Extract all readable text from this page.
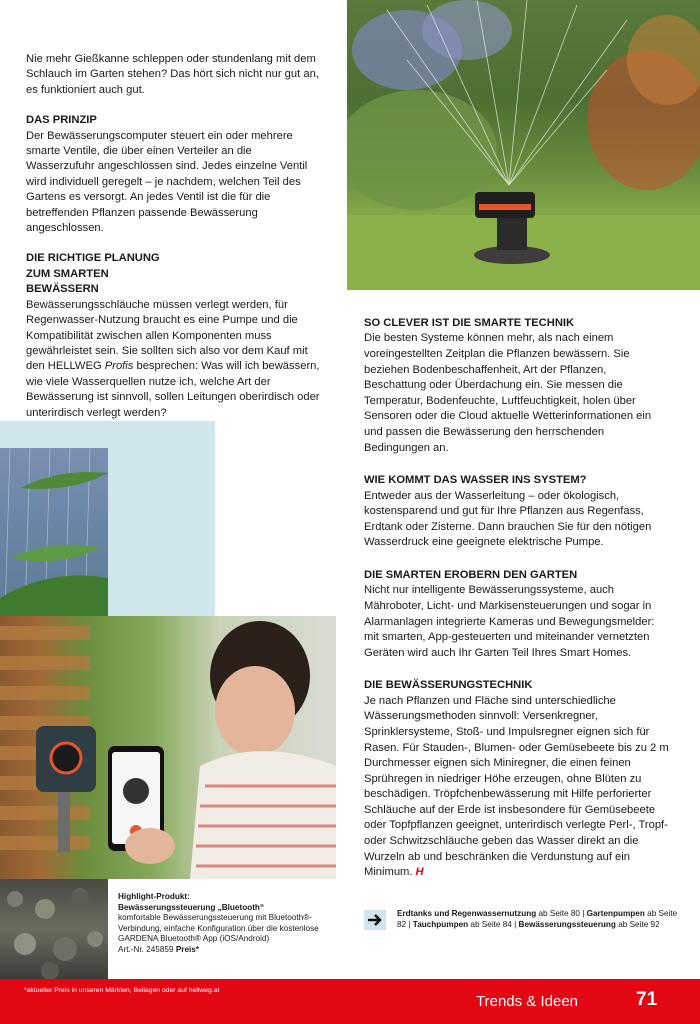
Nie mehr Gießkanne schleppen oder stundenlang mit dem Schlauch im Garten stehen? Das hört sich nicht nur gut an, es funktioniert auch gut.

DAS PRINZIP

Der Bewässerungscomputer steuert ein oder mehrere smarte Ventile, die über einen Verteiler an die Wasserzufuhr angeschlossen sind. Jedes einzelne Ventil wird individuell geregelt – je nachdem, welchen Teil des Gartens es versorgt. An jedes Ventil ist die für die betreffenden Pflanzen passende Bewässerung angeschlossen.

DIE RICHTIGE PLANUNG ZUM SMARTEN BEWÄSSERN

Bewässerungsschläuche müssen verlegt werden, für Regenwasser-Nutzung braucht es eine Pumpe und die Kompatibilität zwischen allen Komponenten muss gewährleistet sein. Sie sollten sich also vor dem Kauf mit den HELLWEG Profis besprechen: Was will ich bewässern, wie viele Wasserquellen nutze ich, welche Art der Bewässerung ist sinnvoll, sollen Leitungen oberirdisch oder unterirdisch verlegt werden?

SO CLEVER IST DIE SMARTE TECHNIK

Die besten Systeme können mehr, als nach einem voreingestellten Zeitplan die Pflanzen bewässern. Sie beziehen Bodenbeschaffenheit, Art der Pflanzen, Beschattung oder Überdachung ein. Sie messen die Temperatur, Bodenfeuchte, Luftfeuchtigkeit, holen über Sensoren oder die Cloud aktuelle Wetterinformationen ein und passen die Bewässerung den herrschenden Bedingungen an.

WIE KOMMT DAS WASSER INS SYSTEM?

Entweder aus der Wasserleitung – oder ökologisch, kostensparend und gut für Ihre Pflanzen aus Regenfass, Erdtank oder Zisterne. Dann brauchen Sie für den nötigen Wasserdruck eine geeignete elektrische Pumpe.

DIE SMARTEN EROBERN DEN GARTEN

Nicht nur intelligente Bewässerungssysteme, auch Mähroboter, Licht- und Markisensteuerungen und sogar in Alarmanlagen integrierte Kameras und Bewegungsmelder: mit smarten, App-gesteuerten und miteinander vernetzten Geräten wird auch Ihr Garten Teil Ihres Smart Homes.

DIE BEWÄSSERUNGSTECHNIK

Je nach Pflanzen und Fläche sind unterschiedliche Wässerungsmethoden sinnvoll: Versenkregner, Sprinklersysteme, Stoß- und Impulsregner eignen sich für Rasen. Für Stauden-, Blumen- oder Gemüsebeete bis zu 2 m Durchmesser eignen sich Miniregner, die einen feinen Sprühregen in niedriger Höhe erzeugen, ohne Blüten zu beschädigen. Tröpfchenbewässerung mit Hilfe perforierter Schläuche auf der Erde ist insbesondere für Gemüsebeete oder Topfpflanzen geeignet, unterirdisch verlegte Perl-, Tropf- oder Schwitzschläuche geben das Wasser direkt an die Wurzeln ab und beschränken die Verdunstung auf ein Minimum. H

Highlight-Produkt:
Bewässerungssteuerung „Bluetooth“
komfortable Bewässerungssteuerung mit Bluetooth®-Verbindung, einfache Konfiguration über die kostenlose GARDENA Bluetooth® App (iOS/Android)
Art.-Nr. 245859 Preis*
Erdtanks und Regenwassernutzung ab Seite 80 | Gartenpumpen ab Seite 82 | Tauchpumpen ab Seite 84 | Bewässerungssteuerung ab Seite 92
*aktueller Preis in unseren Märkten, Beilagen oder auf hellweg.at
Trends & Ideen	71
